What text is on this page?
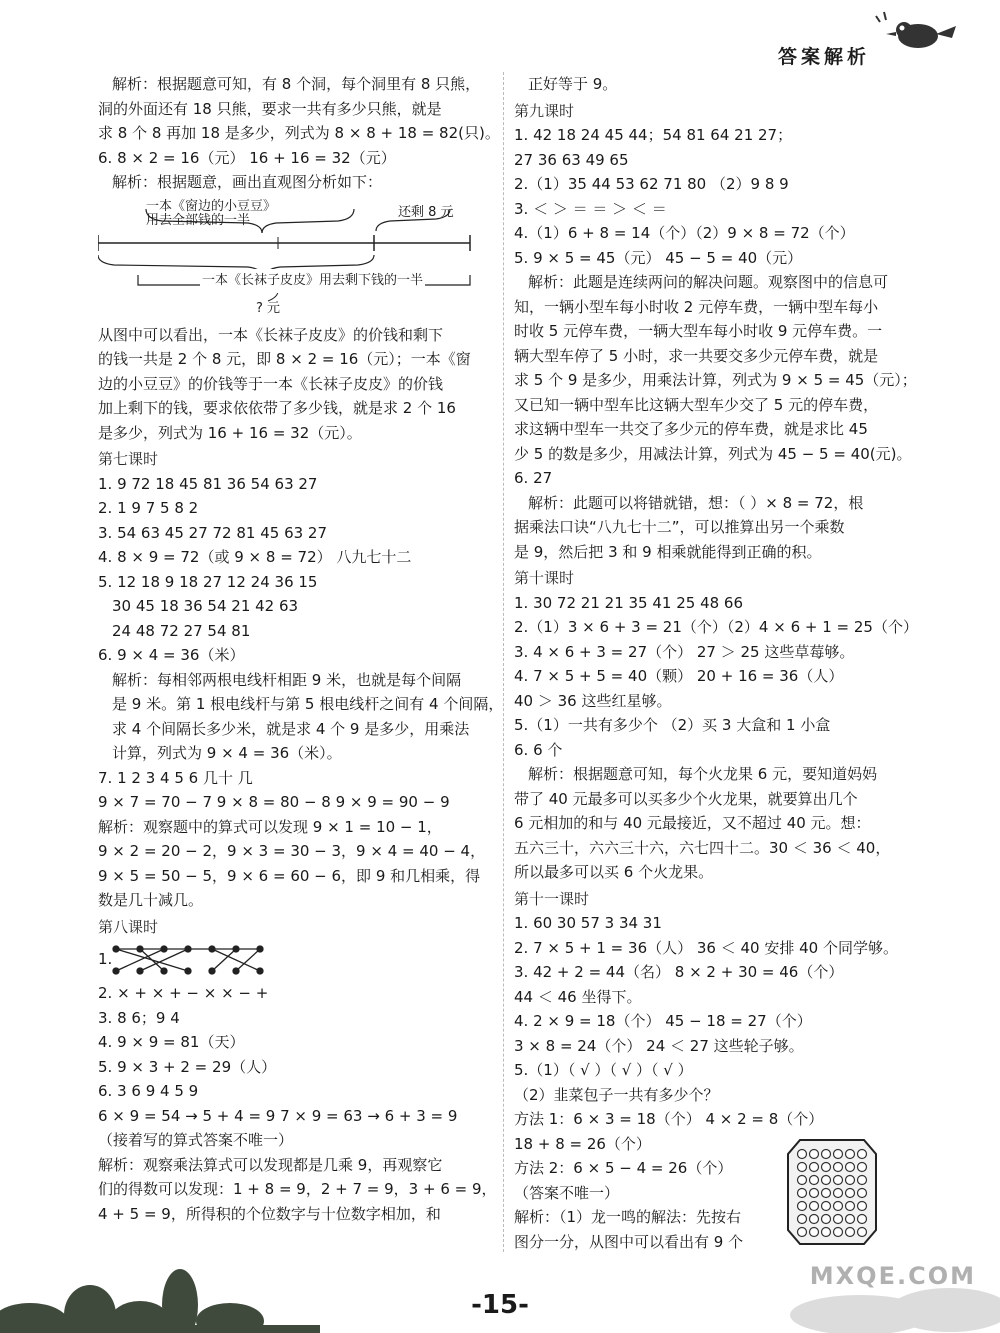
答案解析
解析：根据题意可知，有 8 个洞，每个洞里有 8 只熊，
洞的外面还有 18 只熊，要求一共有多少只熊，就是
求 8 个 8 再加 18 是多少，列式为 8 × 8 + 18 = 82(只)。
6. 8 × 2 = 16（元） 16 + 16 = 32（元）
解析：根据题意，画出直观图分析如下：
一本《窗边的小豆豆》
用去全部钱的一半
还剩 8 元
一本《长袜子皮皮》用去剩下钱的一半
? 元
从图中可以看出，一本《长袜子皮皮》的价钱和剩下
的钱一共是 2 个 8 元，即 8 × 2 = 16（元）；一本《窗
边的小豆豆》的价钱等于一本《长袜子皮皮》的价钱
加上剩下的钱，要求依依带了多少钱，就是求 2 个 16
是多少，列式为 16 + 16 = 32（元）。
第七课时
1. 9 72 18 45 81 36 54 63 27
2. 1 9 7 5 8 2
3. 54 63 45 27 72 81 45 63 27
4. 8 × 9 = 72（或 9 × 8 = 72） 八九七十二
5. 12 18 9 18 27 12 24 36 15
30 45 18 36 54 21 42 63
24 48 72 27 54 81
6. 9 × 4 = 36（米）
解析：每相邻两根电线杆相距 9 米，也就是每个间隔
是 9 米。第 1 根电线杆与第 5 根电线杆之间有 4 个间隔，
求 4 个间隔长多少米，就是求 4 个 9 是多少，用乘法
计算，列式为 9 × 4 = 36（米）。
7. 1 2 3 4 5 6 几十 几
9 × 7 = 70 − 7 9 × 8 = 80 − 8 9 × 9 = 90 − 9
解析：观察题中的算式可以发现 9 × 1 = 10 − 1，
9 × 2 = 20 − 2，9 × 3 = 30 − 3，9 × 4 = 40 − 4，
9 × 5 = 50 − 5，9 × 6 = 60 − 6，即 9 和几相乘，得
数是几十减几。
第八课时
1.
2. × + × + − × × − +
3. 8 6；9 4
4. 9 × 9 = 81（天）
5. 9 × 3 + 2 = 29（人）
6. 3 6 9 4 5 9
6 × 9 = 54 → 5 + 4 = 9 7 × 9 = 63 → 6 + 3 = 9
（接着写的算式答案不唯一）
解析：观察乘法算式可以发现都是几乘 9，再观察它
们的得数可以发现：1 + 8 = 9，2 + 7 = 9，3 + 6 = 9，
4 + 5 = 9，所得积的个位数字与十位数字相加，和
正好等于 9。
第九课时
1. 42 18 24 45 44；54 81 64 21 27；
27 36 63 49 65
2.（1）35 44 53 62 71 80 （2）9 8 9
3. ＜ ＞ ＝ ＝ ＞ ＜ ＝
4.（1）6 + 8 = 14（个）（2）9 × 8 = 72（个）
5. 9 × 5 = 45（元） 45 − 5 = 40（元）
解析：此题是连续两问的解决问题。观察图中的信息可
知，一辆小型车每小时收 2 元停车费，一辆中型车每小
时收 5 元停车费，一辆大型车每小时收 9 元停车费。一
辆大型车停了 5 小时，求一共要交多少元停车费，就是
求 5 个 9 是多少，用乘法计算，列式为 9 × 5 = 45（元）；
又已知一辆中型车比这辆大型车少交了 5 元的停车费，
求这辆中型车一共交了多少元的停车费，就是求比 45
少 5 的数是多少，用减法计算，列式为 45 − 5 = 40(元)。
6. 27
解析：此题可以将错就错，想：（ ）× 8 = 72，根
据乘法口诀“八九七十二”，可以推算出另一个乘数
是 9，然后把 3 和 9 相乘就能得到正确的积。
第十课时
1. 30 72 21 21 35 41 25 48 66
2.（1）3 × 6 + 3 = 21（个）（2）4 × 6 + 1 = 25（个）
3. 4 × 6 + 3 = 27（个） 27 ＞ 25 这些草莓够。
4. 7 × 5 + 5 = 40（颗） 20 + 16 = 36（人）
40 ＞ 36 这些红星够。
5.（1）一共有多少个 （2）买 3 大盒和 1 小盒
6. 6 个
解析：根据题意可知，每个火龙果 6 元，要知道妈妈
带了 40 元最多可以买多少个火龙果，就要算出几个
6 元相加的和与 40 元最接近，又不超过 40 元。想：
五六三十，六六三十六，六七四十二。30 ＜ 36 ＜ 40，
所以最多可以买 6 个火龙果。
第十一课时
1. 60 30 57 3 34 31
2. 7 × 5 + 1 = 36（人） 36 ＜ 40 安排 40 个同学够。
3. 42 + 2 = 44（名） 8 × 2 + 30 = 46（个）
44 ＜ 46 坐得下。
4. 2 × 9 = 18（个） 45 − 18 = 27（个）
3 × 8 = 24（个） 24 ＜ 27 这些轮子够。
5.（1）（ √ ）（ √ ）（ √ ）
（2）韭菜包子一共有多少个？
方法 1：6 × 3 = 18（个） 4 × 2 = 8（个）
18 + 8 = 26（个）
方法 2：6 × 5 − 4 = 26（个）
（答案不唯一）
解析：（1）龙一鸣的解法：先按右
图分一分，从图中可以看出有 9 个
MXQE.COM
-15-
